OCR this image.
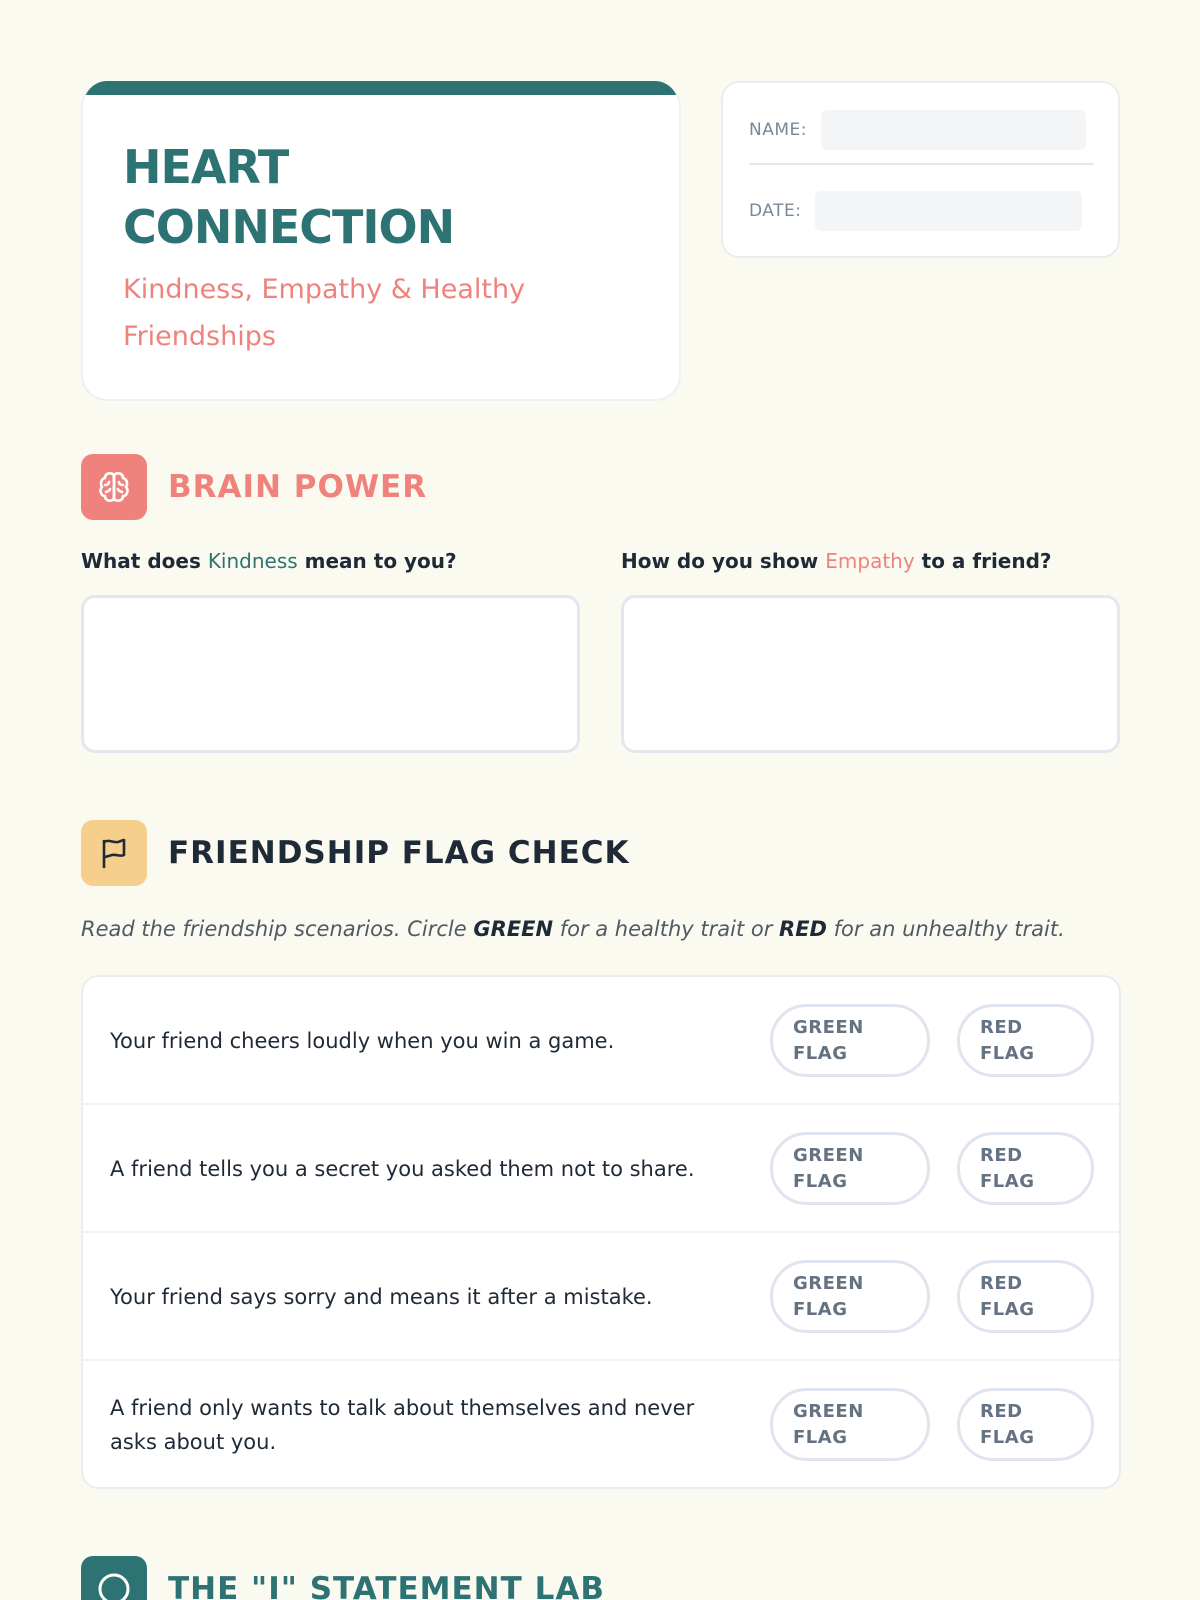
HEART
CONNECTION
Kindness, Empathy & Healthy Friendships
NAME:
DATE:
BRAIN POWER
What does Kindness mean to you?	How do you show Empathy to a friend?
FRIENDSHIP FLAG CHECK
Read the friendship scenarios. Circle GREEN for a healthy trait or RED for an unhealthy trait.
Your friend cheers loudly when you win a game.
GREEN
FLAG
RED
FLAG
A friend tells you a secret you asked them not to share.
GREEN
FLAG
RED
FLAG
Your friend says sorry and means it after a mistake.
GREEN
FLAG
RED
FLAG
A friend only wants to talk about themselves and never asks about you.
GREEN
FLAG
RED
FLAG
THE "I" STATEMENT LAB
